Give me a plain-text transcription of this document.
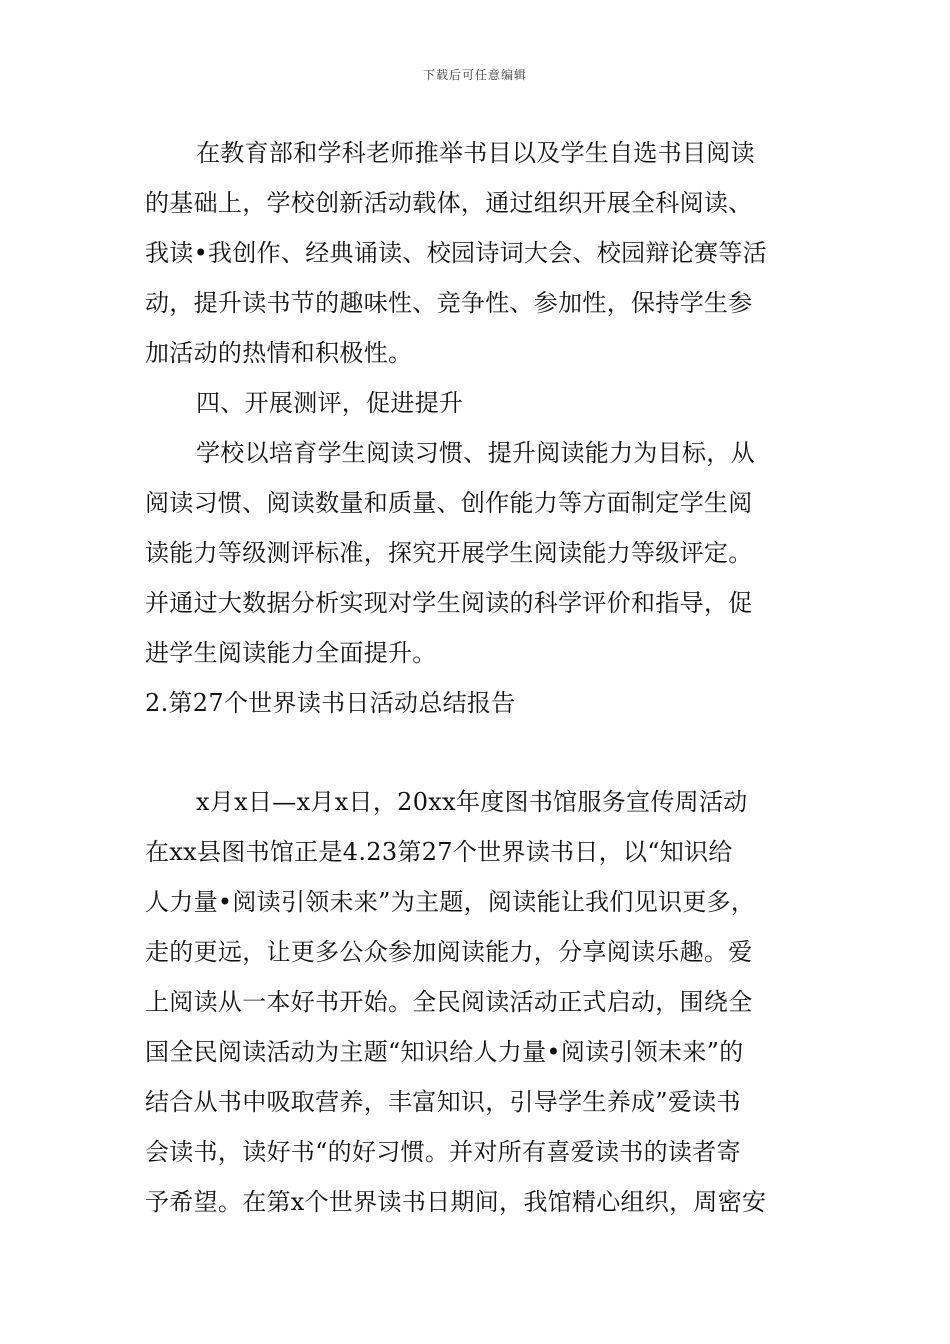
下载后可任意编辑
在教育部和学科老师推举书目以及学生自选书目阅读
的基础上，学校创新活动载体，通过组织开展全科阅读、
我读•我创作、经典诵读、校园诗词大会、校园辩论赛等活
动，提升读书节的趣味性、竞争性、参加性，保持学生参
加活动的热情和积极性。
四、开展测评，促进提升
学校以培育学生阅读习惯、提升阅读能力为目标，从
阅读习惯、阅读数量和质量、创作能力等方面制定学生阅
读能力等级测评标准，探究开展学生阅读能力等级评定。
并通过大数据分析实现对学生阅读的科学评价和指导，促
进学生阅读能力全面提升。
2.第27个世界读书日活动总结报告
x月x日—x月x日，20xx年度图书馆服务宣传周活动
在xx县图书馆正是4.23第27个世界读书日，以“知识给
人力量•阅读引领未来”为主题，阅读能让我们见识更多，
走的更远，让更多公众参加阅读能力，分享阅读乐趣。爱
上阅读从一本好书开始。全民阅读活动正式启动，围绕全
国全民阅读活动为主题“知识给人力量•阅读引领未来”的
结合从书中吸取营养，丰富知识，引导学生养成”爱读书
会读书，读好书“的好习惯。并对所有喜爱读书的读者寄
予希望。在第x个世界读书日期间，我馆精心组织，周密安
